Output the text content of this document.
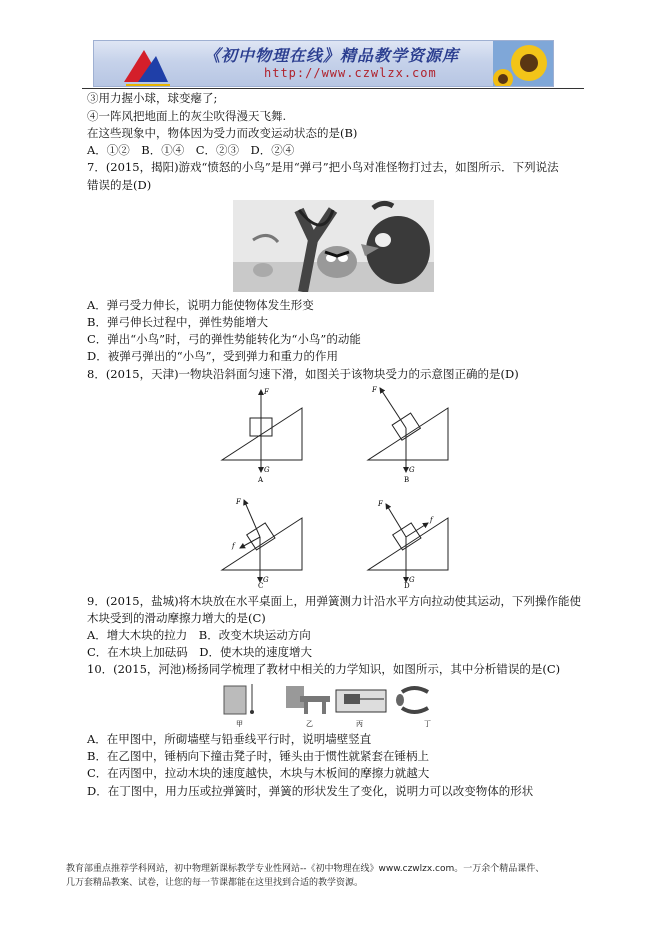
《初中物理在线》精品教学资源库
http://www.czwlzx.com
③用力握小球，球变瘪了;
④一阵风把地面上的灰尘吹得漫天飞舞.
在这些现象中，物体因为受力而改变运动状态的是(B)
A．①②　B．①④　C．②③　D．②④
7．(2015，揭阳)游戏“愤怒的小鸟”是用“弹弓”把小鸟对准怪物打过去，如图所示．下列说法
错误的是(D)
A．弹弓受力伸长，说明力能使物体发生形变
B．弹弓伸长过程中，弹性势能增大
C．弹出“小鸟”时，弓的弹性势能转化为“小鸟”的动能
D．被弹弓弹出的“小鸟”，受到弹力和重力的作用
8．(2015，天津)一物块沿斜面匀速下滑，如图关于该物块受力的示意图正确的是(D)
F
G
A
F
G
B
F
f
G
C
F
f
G
D
9．(2015，盐城)将木块放在水平桌面上，用弹簧测力计沿水平方向拉动使其运动，下列操作能使
木块受到的滑动摩擦力增大的是(C)
A．增大木块的拉力　B．改变木块运动方向
C．在木块上加砝码　D．使木块的速度增大
10．(2015，河池)杨扬同学梳理了教材中相关的力学知识，如图所示，其中分析错误的是(C)
甲	乙	丙	丁
A．在甲图中，所砌墙壁与铅垂线平行时，说明墙壁竖直
B．在乙图中，锤柄向下撞击凳子时，锤头由于惯性就紧套在锤柄上
C．在丙图中，拉动木块的速度越快，木块与木板间的摩擦力就越大
D．在丁图中，用力压或拉弹簧时，弹簧的形状发生了变化，说明力可以改变物体的形状
教育部重点推荐学科网站，初中物理新课标教学专业性网站--《初中物理在线》www.czwlzx.com。一万余个精品课件、
几万套精品教案、试卷，让您的每一节课都能在这里找到合适的教学资源。
